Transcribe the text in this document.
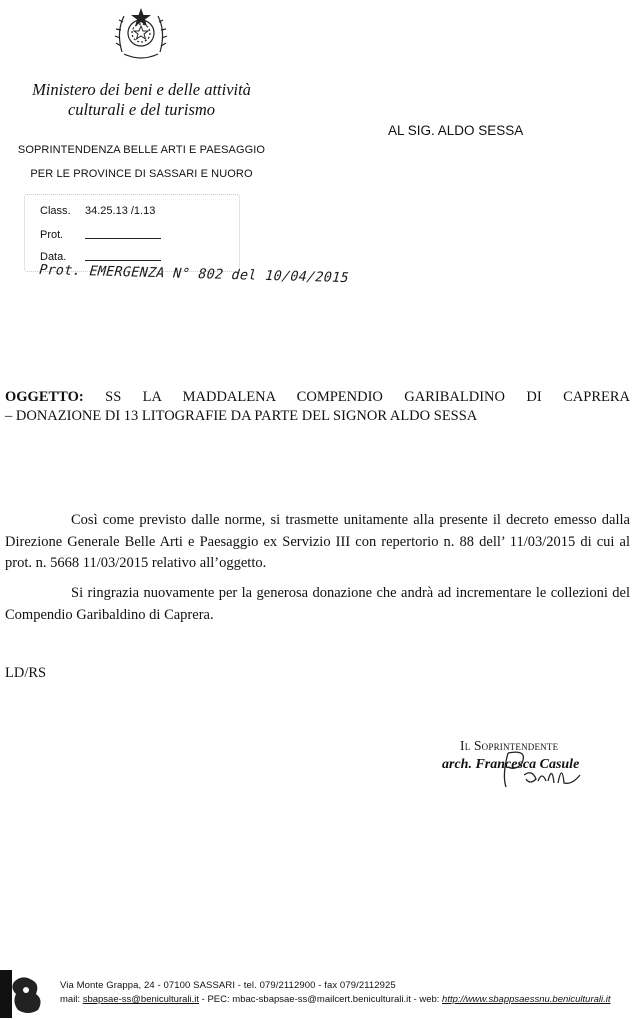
Ministero dei beni e delle attività
culturali e del turismo
SOPRINTENDENZA BELLE ARTI E PAESAGGIO
PER LE PROVINCE DI SASSARI E NUORO
AL SIG. ALDO SESSA
Class.	34.25.13 /1.13
Prot.
Data.
Prot. EMERGENZA N° 802 del 10/04/2015
OGGETTO: SS LA MADDALENA COMPENDIO GARIBALDINO DI CAPRERA
– DONAZIONE DI 13 LITOGRAFIE DA PARTE DEL SIGNOR ALDO SESSA
Così come previsto dalle norme, si trasmette unitamente alla presente il decreto emesso dalla Direzione Generale Belle Arti e Paesaggio ex Servizio III con repertorio n. 88 dell’ 11/03/2015 di cui al prot. n. 5668 11/03/2015 relativo all’oggetto.
Si ringrazia nuovamente per la generosa donazione che andrà ad incrementare le collezioni del Compendio Garibaldino di Caprera.
LD/RS
Il Soprintendente
arch. Francesca Casule
Via Monte Grappa, 24 - 07100 SASSARI - tel. 079/2112900 - fax 079/2112925
mail: sbapsae-ss@beniculturali.it - PEC: mbac-sbapsae-ss@mailcert.beniculturali.it - web: http://www.sbappsaessnu.beniculturali.it
